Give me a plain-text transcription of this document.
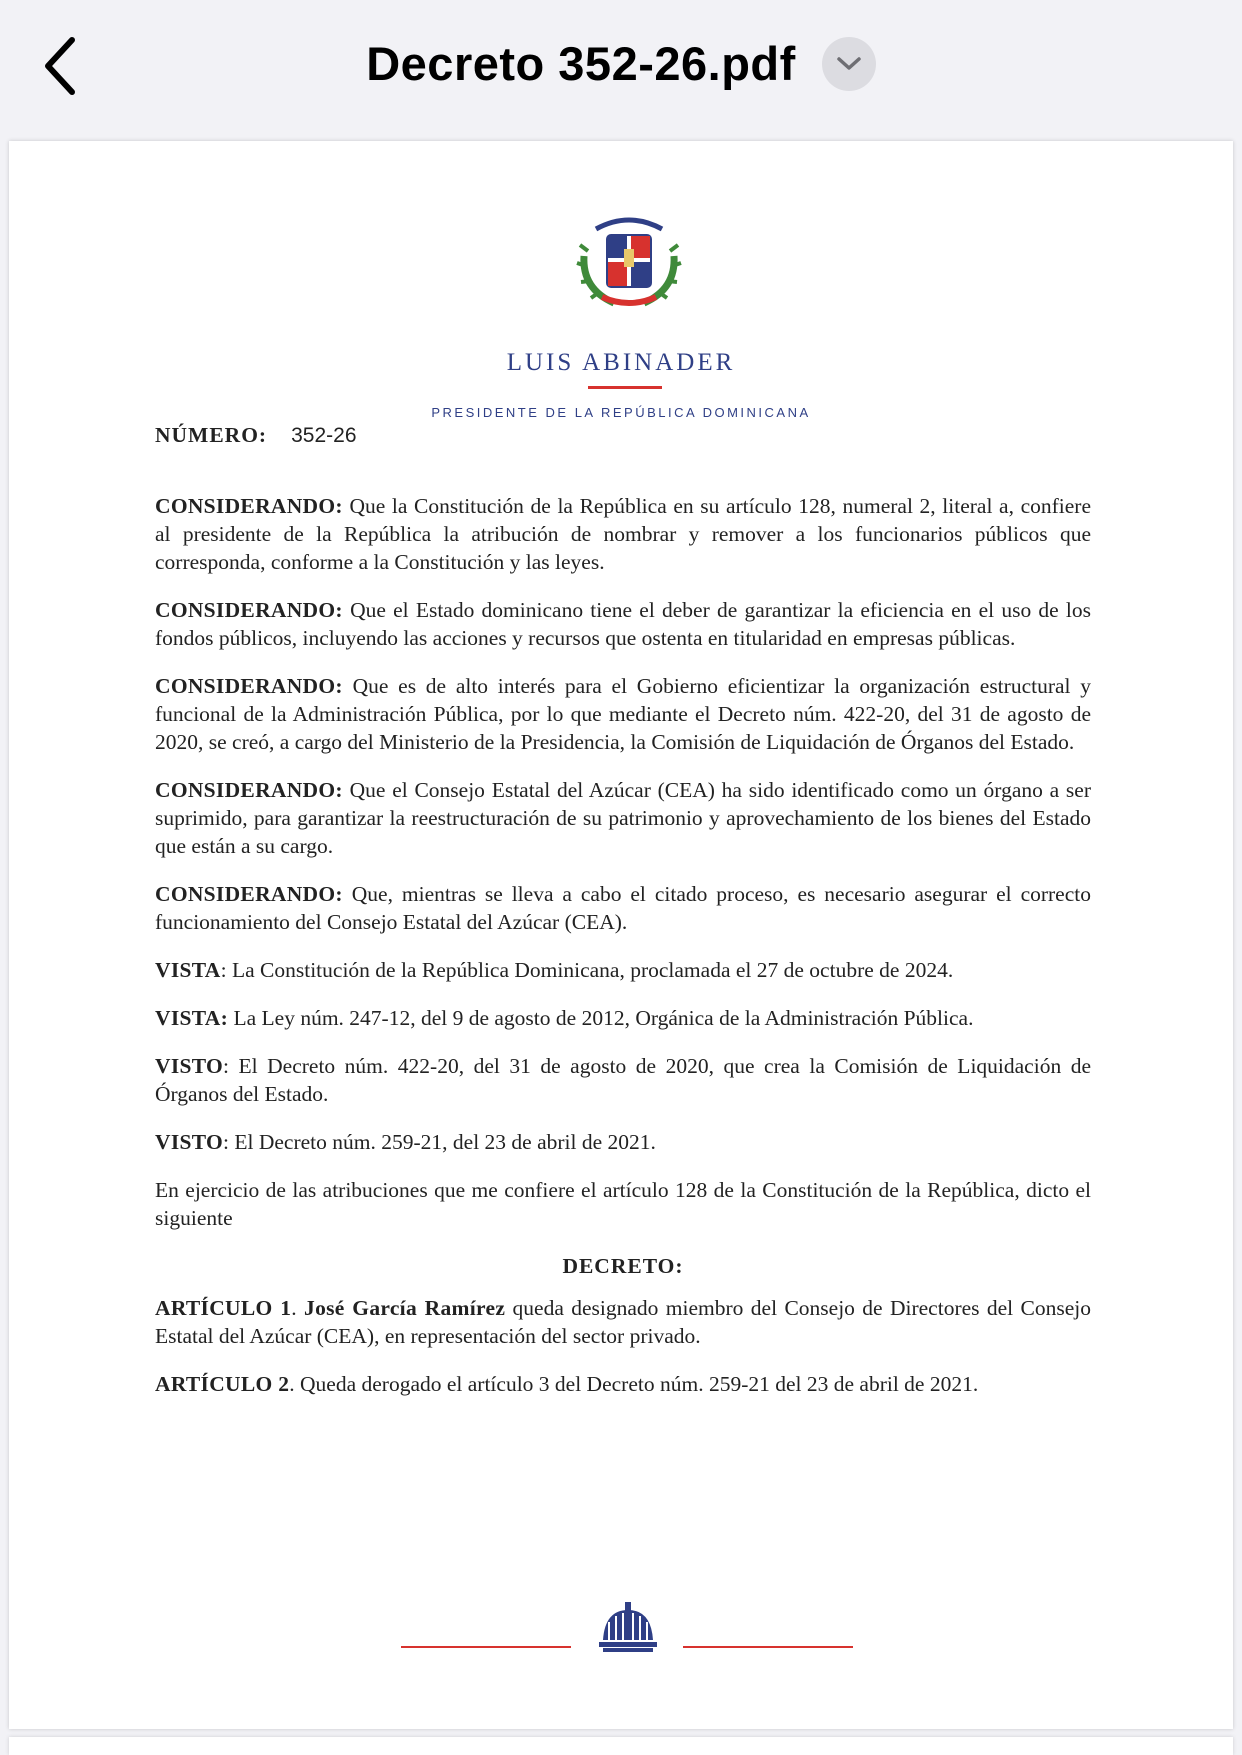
Decreto 352-26.pdf
LUIS ABINADER
PRESIDENTE DE LA REPÚBLICA DOMINICANA
NÚMERO: 352-26

CONSIDERANDO: Que la Constitución de la República en su artículo 128, numeral 2, literal a, confiere al presidente de la República la atribución de nombrar y remover a los funcionarios públicos que corresponda, conforme a la Constitución y las leyes.

CONSIDERANDO: Que el Estado dominicano tiene el deber de garantizar la eficiencia en el uso de los fondos públicos, incluyendo las acciones y recursos que ostenta en titularidad en empresas públicas.

CONSIDERANDO: Que es de alto interés para el Gobierno eficientizar la organización estructural y funcional de la Administración Pública, por lo que mediante el Decreto núm. 422-20, del 31 de agosto de 2020, se creó, a cargo del Ministerio de la Presidencia, la Comisión de Liquidación de Órganos del Estado.

CONSIDERANDO: Que el Consejo Estatal del Azúcar (CEA) ha sido identificado como un órgano a ser suprimido, para garantizar la reestructuración de su patrimonio y aprovechamiento de los bienes del Estado que están a su cargo.

CONSIDERANDO: Que, mientras se lleva a cabo el citado proceso, es necesario asegurar el correcto funcionamiento del Consejo Estatal del Azúcar (CEA).

VISTA: La Constitución de la República Dominicana, proclamada el 27 de octubre de 2024.

VISTA: La Ley núm. 247-12, del 9 de agosto de 2012, Orgánica de la Administración Pública.

VISTO: El Decreto núm. 422-20, del 31 de agosto de 2020, que crea la Comisión de Liquidación de Órganos del Estado.

VISTO: El Decreto núm. 259-21, del 23 de abril de 2021.

En ejercicio de las atribuciones que me confiere el artículo 128 de la Constitución de la República, dicto el siguiente

DECRETO:

ARTÍCULO 1. José García Ramírez queda designado miembro del Consejo de Directores del Consejo Estatal del Azúcar (CEA), en representación del sector privado.

ARTÍCULO 2. Queda derogado el artículo 3 del Decreto núm. 259-21 del 23 de abril de 2021.
